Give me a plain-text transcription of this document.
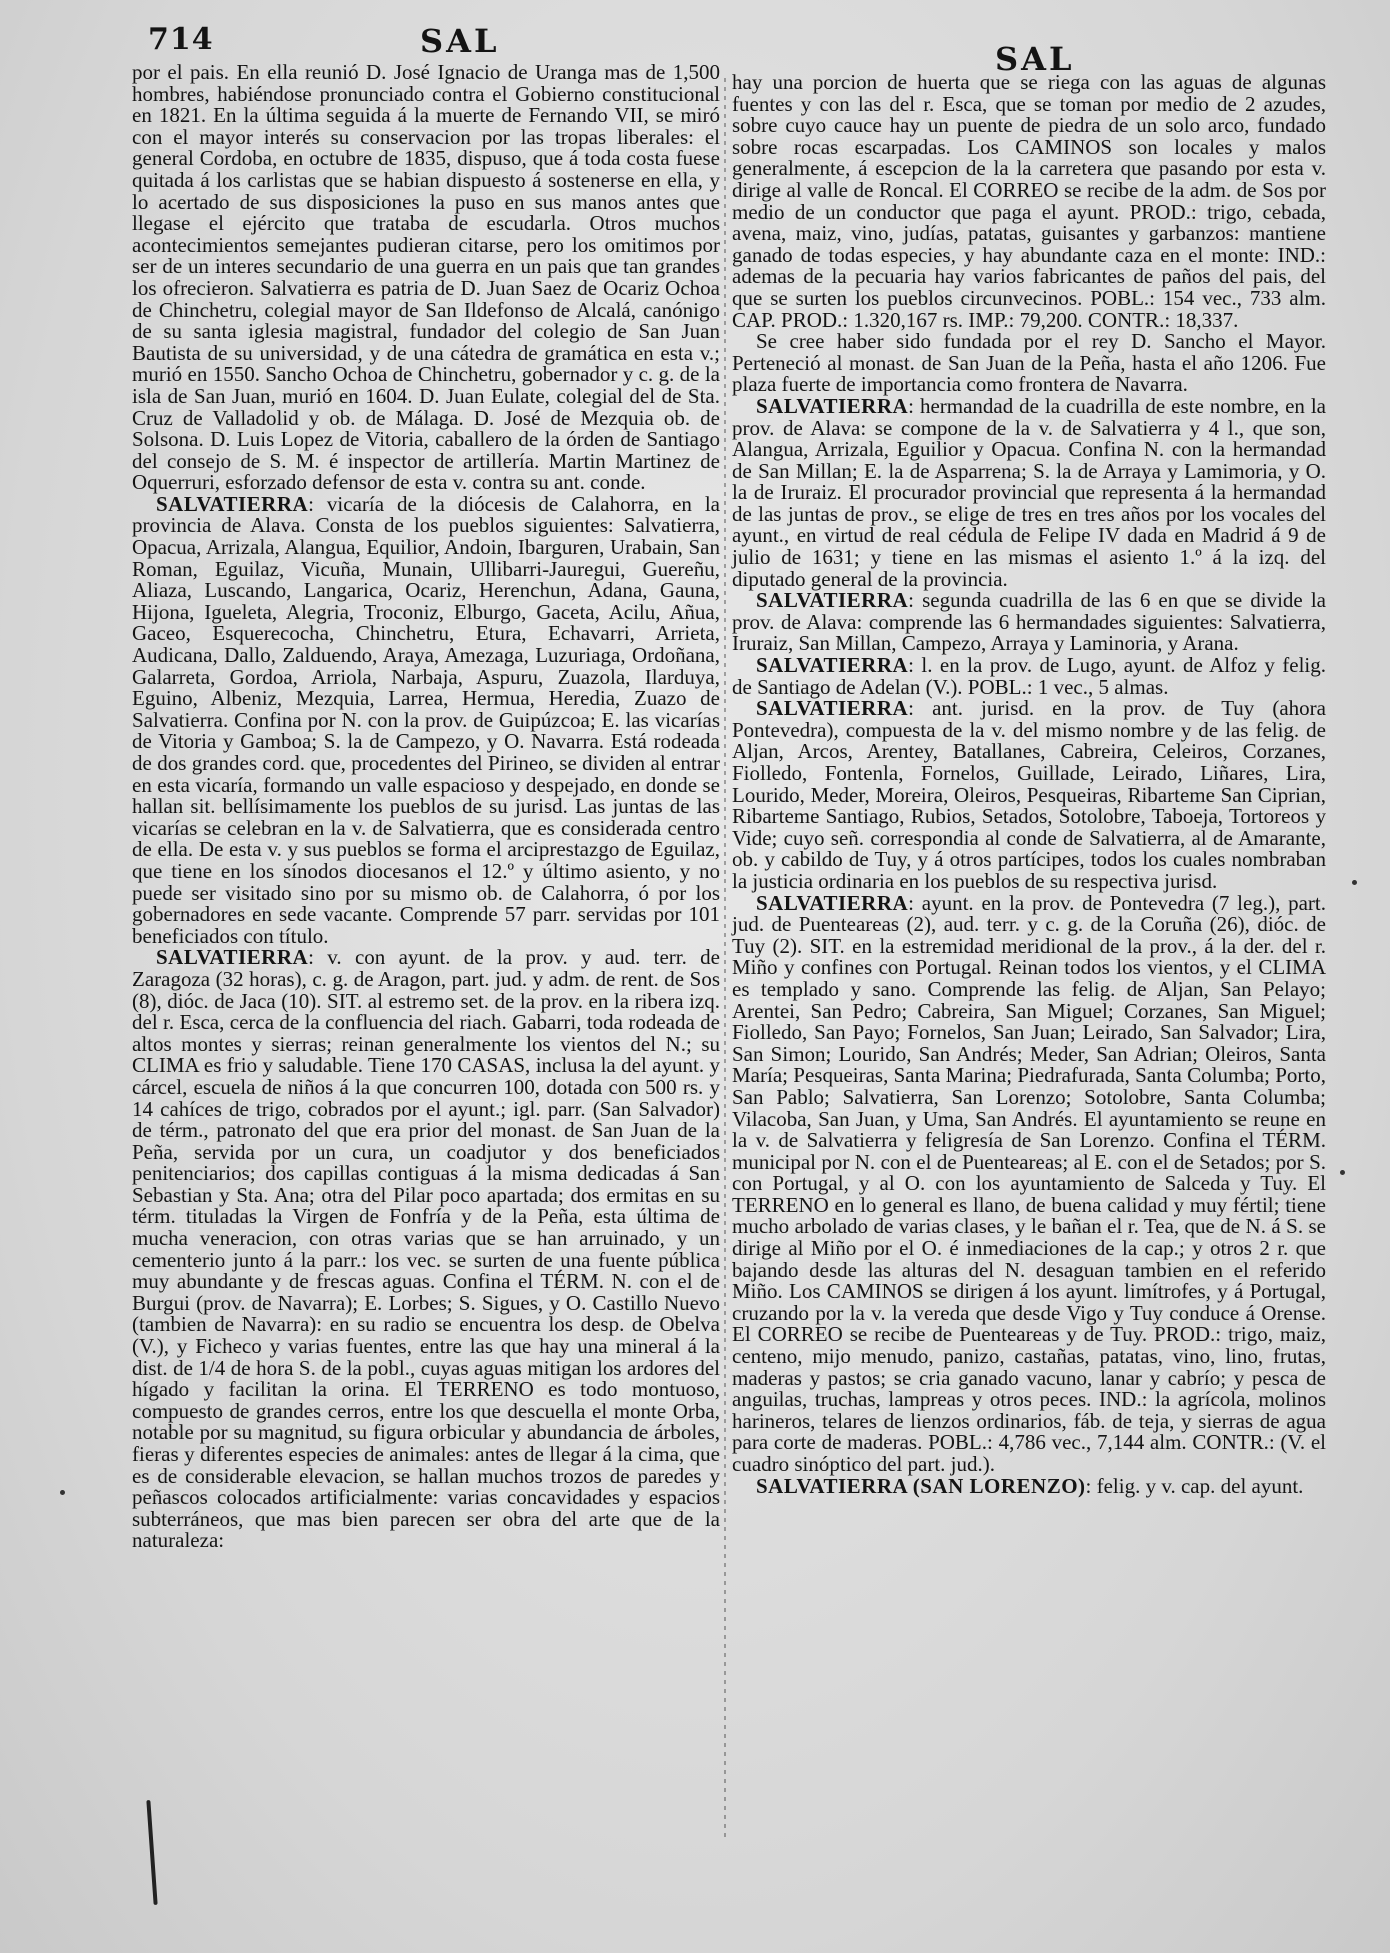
714	SAL	SAL

por el pais. En ella reunió D. José Ignacio de Uranga mas de 1,500 hombres, habiéndose pronunciado contra el Gobierno constitucional en 1821. En la última seguida á la muerte de Fernando VII, se miró con el mayor interés su conservacion por las tropas liberales: el general Cordoba, en octubre de 1835, dispuso, que á toda costa fuese quitada á los carlistas que se habian dispuesto á sostenerse en ella, y lo acertado de sus disposiciones la puso en sus manos antes que llegase el ejército que trataba de escudarla. Otros muchos acontecimientos semejantes pudieran citarse, pero los omitimos por ser de un interes secundario de una guerra en un pais que tan grandes los ofrecieron. Salvatierra es patria de D. Juan Saez de Ocariz Ochoa de Chinchetru, colegial mayor de San Ildefonso de Alcalá, canónigo de su santa iglesia magistral, fundador del colegio de San Juan Bautista de su universidad, y de una cátedra de gramática en esta v.; murió en 1550. Sancho Ochoa de Chinchetru, gobernador y c. g. de la isla de San Juan, murió en 1604. D. Juan Eulate, colegial del de Sta. Cruz de Valladolid y ob. de Málaga. D. José de Mezquia ob. de Solsona. D. Luis Lopez de Vitoria, caballero de la órden de Santiago del consejo de S. M. é inspector de artillería. Martin Martinez de Oquerruri, esforzado defensor de esta v. contra su ant. conde.

SALVATIERRA: vicaría de la diócesis de Calahorra, en la provincia de Alava. Consta de los pueblos siguientes: Salvatierra, Opacua, Arrizala, Alangua, Equilior, Andoin, Ibarguren, Urabain, San Roman, Eguilaz, Vicuña, Munain, Ullibarri-Jauregui, Guereñu, Aliaza, Luscando, Langarica, Ocariz, Herenchun, Adana, Gauna, Hijona, Igueleta, Alegria, Troconiz, Elburgo, Gaceta, Acilu, Añua, Gaceo, Esquerecocha, Chinchetru, Etura, Echavarri, Arrieta, Audicana, Dallo, Zalduendo, Araya, Amezaga, Luzuriaga, Ordoñana, Galarreta, Gordoa, Arriola, Narbaja, Aspuru, Zuazola, Ilarduya, Eguino, Albeniz, Mezquia, Larrea, Hermua, Heredia, Zuazo de Salvatierra. Confina por N. con la prov. de Guipúzcoa; E. las vicarías de Vitoria y Gamboa; S. la de Campezo, y O. Navarra. Está rodeada de dos grandes cord. que, procedentes del Pirineo, se dividen al entrar en esta vicaría, formando un valle espacioso y despejado, en donde se hallan sit. bellísimamente los pueblos de su jurisd. Las juntas de las vicarías se celebran en la v. de Salvatierra, que es considerada centro de ella. De esta v. y sus pueblos se forma el arciprestazgo de Eguilaz, que tiene en los sínodos diocesanos el 12.º y último asiento, y no puede ser visitado sino por su mismo ob. de Calahorra, ó por los gobernadores en sede vacante. Comprende 57 parr. servidas por 101 beneficiados con título.

SALVATIERRA: v. con ayunt. de la prov. y aud. terr. de Zaragoza (32 horas), c. g. de Aragon, part. jud. y adm. de rent. de Sos (8), dióc. de Jaca (10). SIT. al estremo set. de la prov. en la ribera izq. del r. Esca, cerca de la confluencia del riach. Gabarri, toda rodeada de altos montes y sierras; reinan generalmente los vientos del N.; su CLIMA es frio y saludable. Tiene 170 CASAS, inclusa la del ayunt. y cárcel, escuela de niños á la que concurren 100, dotada con 500 rs. y 14 cahíces de trigo, cobrados por el ayunt.; igl. parr. (San Salvador) de térm., patronato del que era prior del monast. de San Juan de la Peña, servida por un cura, un coadjutor y dos beneficiados penitenciarios; dos capillas contiguas á la misma dedicadas á San Sebastian y Sta. Ana; otra del Pilar poco apartada; dos ermitas en su térm. tituladas la Virgen de Fonfría y de la Peña, esta última de mucha veneracion, con otras varias que se han arruinado, y un cementerio junto á la parr.: los vec. se surten de una fuente pública muy abundante y de frescas aguas. Confina el TÉRM. N. con el de Burgui (prov. de Navarra); E. Lorbes; S. Sigues, y O. Castillo Nuevo (tambien de Navarra): en su radio se encuentra los desp. de Obelva (V.), y Ficheco y varias fuentes, entre las que hay una mineral á la dist. de 1/4 de hora S. de la pobl., cuyas aguas mitigan los ardores del hígado y facilitan la orina. El TERRENO es todo montuoso, compuesto de grandes cerros, entre los que descuella el monte Orba, notable por su magnitud, su figura orbicular y abundancia de árboles, fieras y diferentes especies de animales: antes de llegar á la cima, que es de considerable elevacion, se hallan muchos trozos de paredes y peñascos colocados artificialmente: varias concavidades y espacios subterráneos, que mas bien parecen ser obra del arte que de la naturaleza:

hay una porcion de huerta que se riega con las aguas de algunas fuentes y con las del r. Esca, que se toman por medio de 2 azudes, sobre cuyo cauce hay un puente de piedra de un solo arco, fundado sobre rocas escarpadas. Los CAMINOS son locales y malos generalmente, á escepcion de la la carretera que pasando por esta v. dirige al valle de Roncal. El CORREO se recibe de la adm. de Sos por medio de un conductor que paga el ayunt. PROD.: trigo, cebada, avena, maiz, vino, judías, patatas, guisantes y garbanzos: mantiene ganado de todas especies, y hay abundante caza en el monte: IND.: ademas de la pecuaria hay varios fabricantes de paños del pais, del que se surten los pueblos circunvecinos. POBL.: 154 vec., 733 alm. CAP. PROD.: 1.320,167 rs. IMP.: 79,200. CONTR.: 18,337.

Se cree haber sido fundada por el rey D. Sancho el Mayor. Perteneció al monast. de San Juan de la Peña, hasta el año 1206. Fue plaza fuerte de importancia como frontera de Navarra.

SALVATIERRA: hermandad de la cuadrilla de este nombre, en la prov. de Alava: se compone de la v. de Salvatierra y 4 l., que son, Alangua, Arrizala, Eguilior y Opacua. Confina N. con la hermandad de San Millan; E. la de Asparrena; S. la de Arraya y Lamimoria, y O. la de Iruraiz. El procurador provincial que representa á la hermandad de las juntas de prov., se elige de tres en tres años por los vocales del ayunt., en virtud de real cédula de Felipe IV dada en Madrid á 9 de julio de 1631; y tiene en las mismas el asiento 1.º á la izq. del diputado general de la provincia.

SALVATIERRA: segunda cuadrilla de las 6 en que se divide la prov. de Alava: comprende las 6 hermandades siguientes: Salvatierra, Iruraiz, San Millan, Campezo, Arraya y Laminoria, y Arana.

SALVATIERRA: l. en la prov. de Lugo, ayunt. de Alfoz y felig. de Santiago de Adelan (V.). POBL.: 1 vec., 5 almas.

SALVATIERRA: ant. jurisd. en la prov. de Tuy (ahora Pontevedra), compuesta de la v. del mismo nombre y de las felig. de Aljan, Arcos, Arentey, Batallanes, Cabreira, Celeiros, Corzanes, Fiolledo, Fontenla, Fornelos, Guillade, Leirado, Liñares, Lira, Lourido, Meder, Moreira, Oleiros, Pesqueiras, Ribarteme San Ciprian, Ribarteme Santiago, Rubios, Setados, Sotolobre, Taboeja, Tortoreos y Vide; cuyo señ. correspondia al conde de Salvatierra, al de Amarante, ob. y cabildo de Tuy, y á otros partícipes, todos los cuales nombraban la justicia ordinaria en los pueblos de su respectiva jurisd.

SALVATIERRA: ayunt. en la prov. de Pontevedra (7 leg.), part. jud. de Puenteareas (2), aud. terr. y c. g. de la Coruña (26), dióc. de Tuy (2). SIT. en la estremidad meridional de la prov., á la der. del r. Miño y confines con Portugal. Reinan todos los vientos, y el CLIMA es templado y sano. Comprende las felig. de Aljan, San Pelayo; Arentei, San Pedro; Cabreira, San Miguel; Corzanes, San Miguel; Fiolledo, San Payo; Fornelos, San Juan; Leirado, San Salvador; Lira, San Simon; Lourido, San Andrés; Meder, San Adrian; Oleiros, Santa María; Pesqueiras, Santa Marina; Piedrafurada, Santa Columba; Porto, San Pablo; Salvatierra, San Lorenzo; Sotolobre, Santa Columba; Vilacoba, San Juan, y Uma, San Andrés. El ayuntamiento se reune en la v. de Salvatierra y feligresía de San Lorenzo. Confina el TÉRM. municipal por N. con el de Puenteareas; al E. con el de Setados; por S. con Portugal, y al O. con los ayuntamiento de Salceda y Tuy. El TERRENO en lo general es llano, de buena calidad y muy fértil; tiene mucho arbolado de varias clases, y le bañan el r. Tea, que de N. á S. se dirige al Miño por el O. é inmediaciones de la cap.; y otros 2 r. que bajando desde las alturas del N. desaguan tambien en el referido Miño. Los CAMINOS se dirigen á los ayunt. limítrofes, y á Portugal, cruzando por la v. la vereda que desde Vigo y Tuy conduce á Orense. El CORREO se recibe de Puenteareas y de Tuy. PROD.: trigo, maiz, centeno, mijo menudo, panizo, castañas, patatas, vino, lino, frutas, maderas y pastos; se cria ganado vacuno, lanar y cabrío; y pesca de anguilas, truchas, lampreas y otros peces. IND.: la agrícola, molinos harineros, telares de lienzos ordinarios, fáb. de teja, y sierras de agua para corte de maderas. POBL.: 4,786 vec., 7,144 alm. CONTR.: (V. el cuadro sinóptico del part. jud.).

SALVATIERRA (SAN LORENZO): felig. y v. cap. del ayunt.
